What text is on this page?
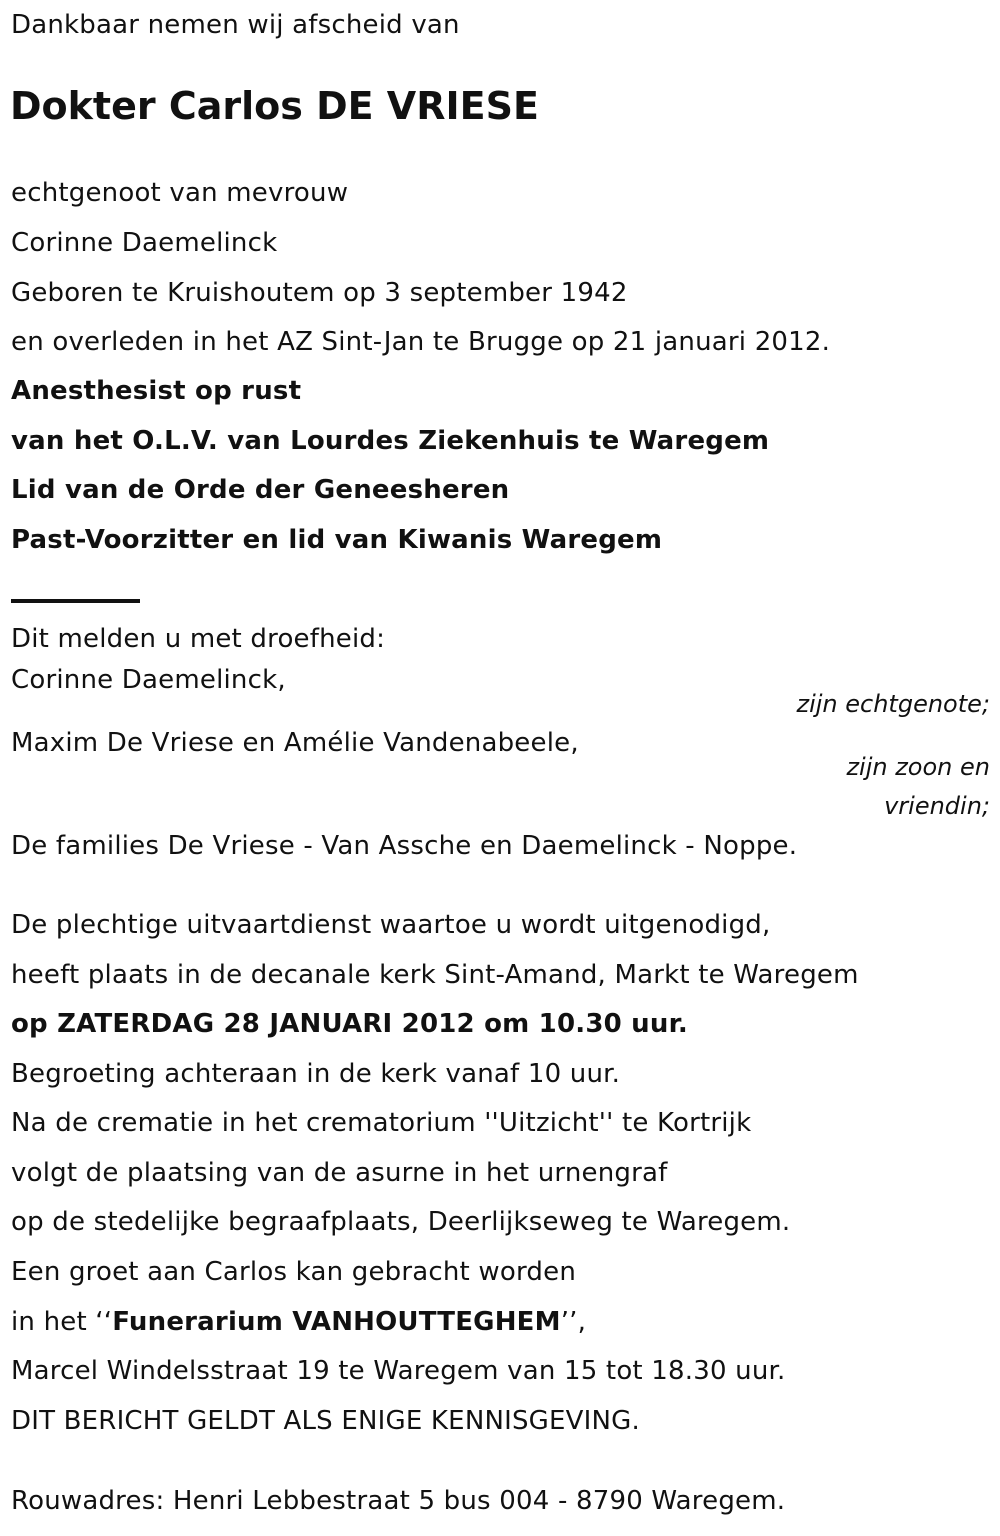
Dankbaar nemen wij afscheid van
Dokter Carlos DE VRIESE
echtgenoot van mevrouw
Corinne Daemelinck
Geboren te Kruishoutem op 3 september 1942
en overleden in het AZ Sint-Jan te Brugge op 21 januari 2012.
Anesthesist op rust
van het O.L.V. van Lourdes Ziekenhuis te Waregem
Lid van de Orde der Geneesheren
Past-Voorzitter en lid van Kiwanis Waregem
Dit melden u met droefheid:
Corinne Daemelinck,
zijn echtgenote;
Maxim De Vriese en Amélie Vandenabeele,
zijn zoon en
vriendin;
De families De Vriese - Van Assche en Daemelinck - Noppe.
De plechtige uitvaartdienst waartoe u wordt uitgenodigd,
heeft plaats in de decanale kerk Sint-Amand, Markt te Waregem
op ZATERDAG 28 JANUARI 2012 om 10.30 uur.
Begroeting achteraan in de kerk vanaf 10 uur.
Na de crematie in het crematorium ''Uitzicht'' te Kortrijk
volgt de plaatsing van de asurne in het urnengraf
op de stedelijke begraafplaats, Deerlijkseweg te Waregem.
Een groet aan Carlos kan gebracht worden
in het ‘‘Funerarium VANHOUTTEGHEM’’,
Marcel Windelsstraat 19 te Waregem van 15 tot 18.30 uur.
DIT BERICHT GELDT ALS ENIGE KENNISGEVING.
Rouwadres: Henri Lebbestraat 5 bus 004 - 8790 Waregem.
